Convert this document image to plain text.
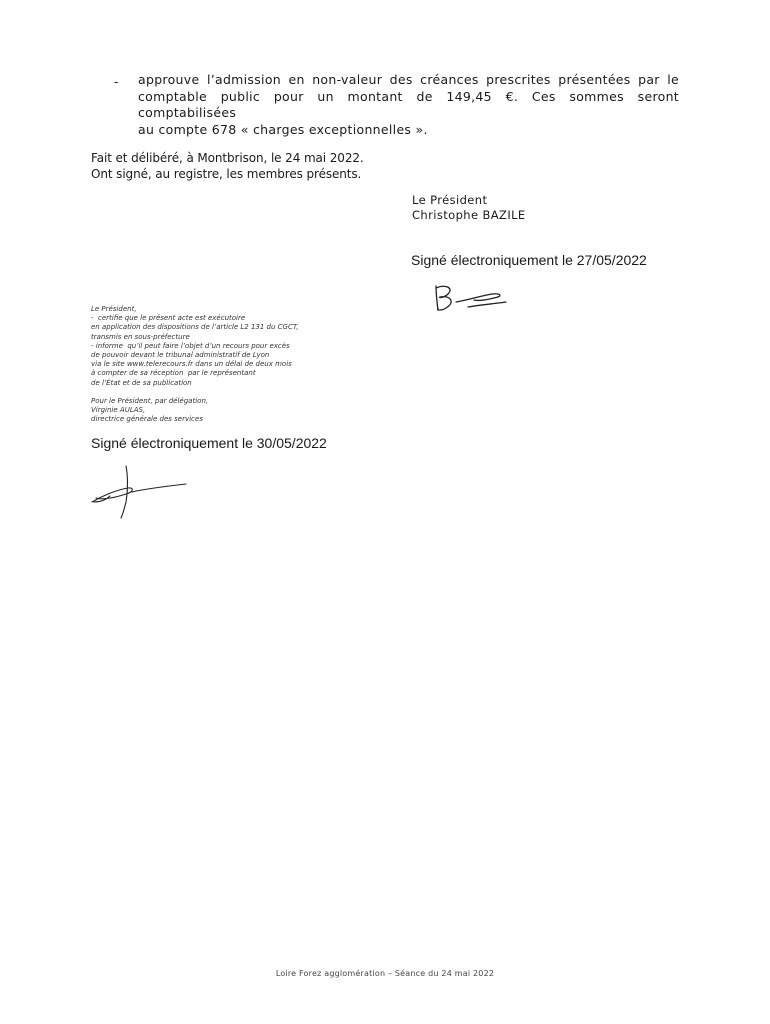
- approuve l’admission en non-valeur des créances prescrites présentées par le
comptable public pour un montant de 149,45 €. Ces sommes seront comptabilisées
au compte 678 « charges exceptionnelles ».
Fait et délibéré, à Montbrison, le 24 mai 2022.
Ont signé, au registre, les membres présents.
Le Président
Christophe BAZILE
Signé électroniquement le 27/05/2022
Le Président,
-  certifie que le présent acte est exécutoire
en application des dispositions de l’article L2 131 du CGCT,
transmis en sous-préfecture
- informe  qu’il peut faire l’objet d’un recours pour excès
de pouvoir devant le tribunal administratif de Lyon
via le site www.telerecours.fr dans un délai de deux mois
à compter de sa réception  par le représentant
de l’État et de sa publication
Pour le Président, par délégation,
Virginie AULAS,
directrice générale des services
Signé électroniquement le 30/05/2022
Loire Forez agglomération – Séance du 24 mai 2022
